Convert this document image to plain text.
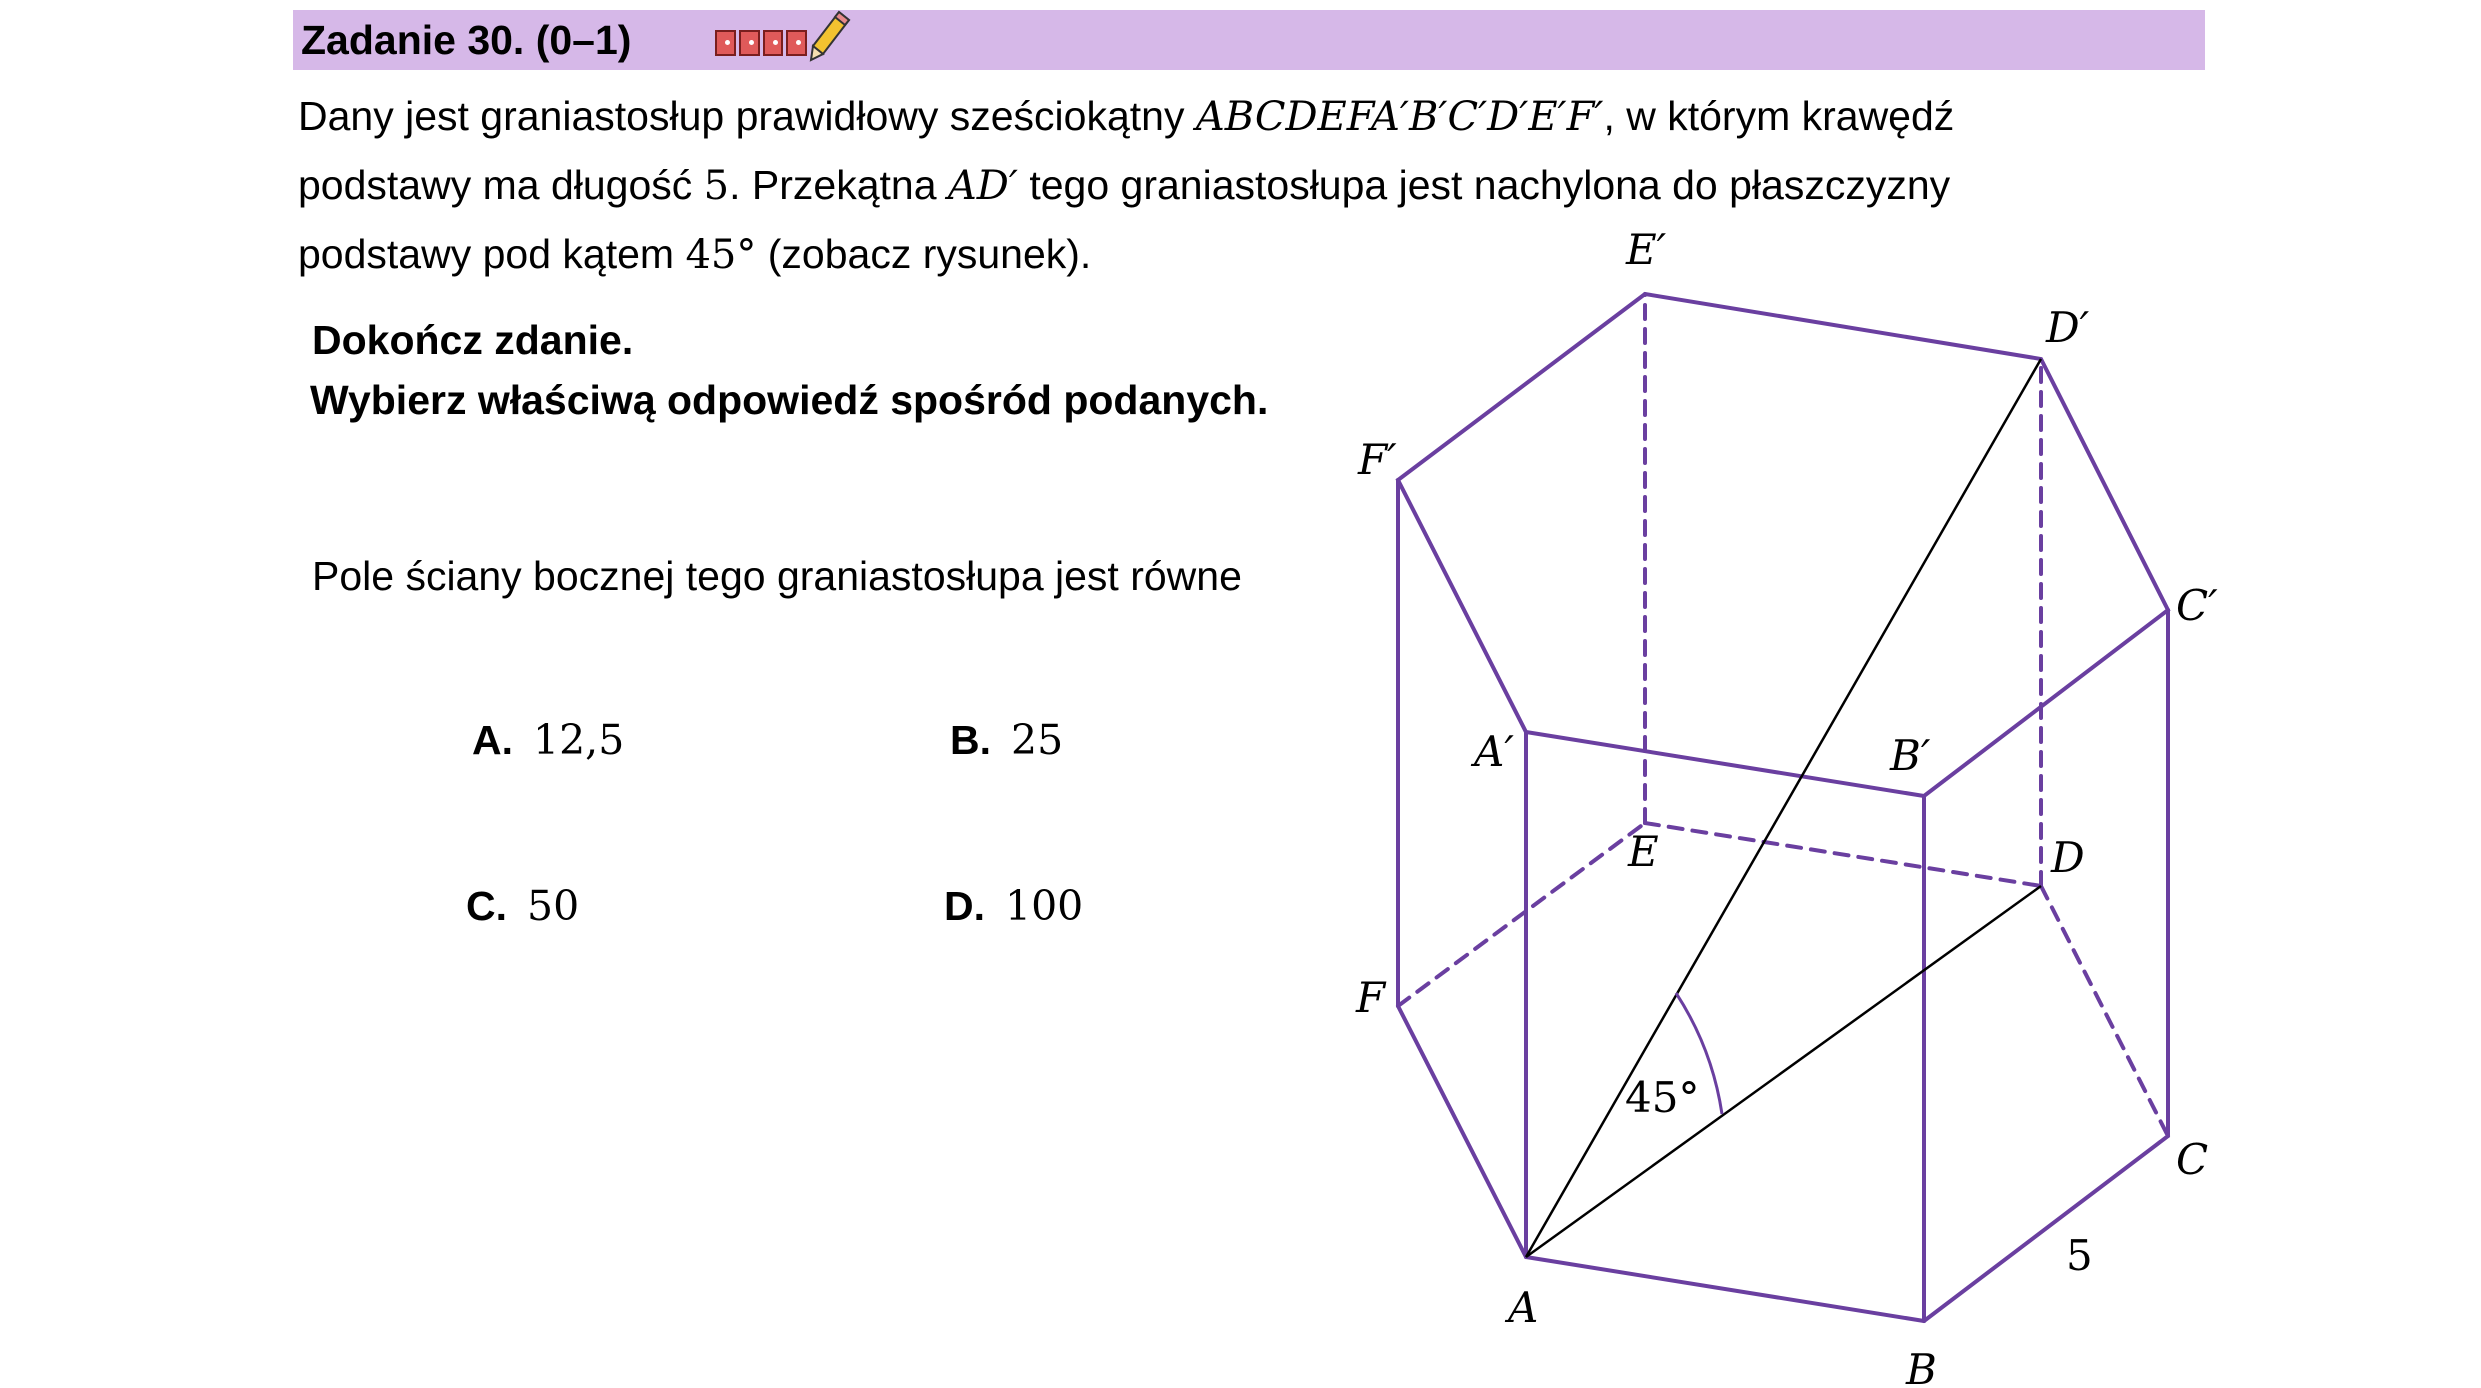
Zadanie 30. (0–1)

Dany jest graniastosłup prawidłowy sześciokątny ABCDEFA′B′C′D′E′F′, w którym krawędź

podstawy ma długość 5. Przekątna AD′ tego graniastosłupa jest nachylona do płaszczyzny

podstawy pod kątem 45° (zobacz rysunek).

Dokończ zdanie.
Wybierz właściwą odpowiedź spośród podanych.
Pole ściany bocznej tego graniastosłupa jest równe
A. 12,5	B. 25
C. 50	D. 100
A
B
C
D
E
F
A′	B′
C′
D′
E′
F′
45°
5
